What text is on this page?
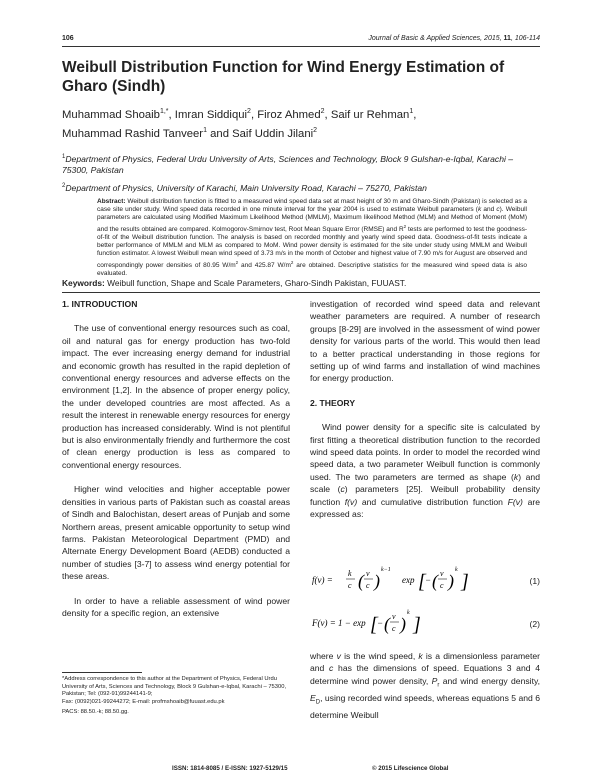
106	Journal of Basic & Applied Sciences, 2015, 11, 106-114
Weibull Distribution Function for Wind Energy Estimation of Gharo (Sindh)
Muhammad Shoaib$^{1,*}$, Imran Siddiqui$^2$, Firoz Ahmed$^2$, Saif ur Rehman$^1$,
Muhammad Rashid Tanveer$^1$ and Saif Uddin Jilani$^2$
$^1$Department of Physics, Federal Urdu University of Arts, Sciences and Technology, Block 9 Gulshan-e-Iqbal, Karachi – 75300, Pakistan
$^2$Department of Physics, University of Karachi, Main University Road, Karachi – 75270, Pakistan
Abstract: Weibull distribution function is fitted to a measured wind speed data set at mast height of 30 m and Gharo-Sindh (Pakistan) is selected as a case site under study. Wind speed data recorded in one minute interval for the year 2004 is used to estimate Weibull parameters (k and c). Weibull parameters are calculated using Modified Maximum Likelihood Method (MMLM), Maximum likelihood Method (MLM) and Method of Moment (MoM) and the results obtained are compared. Kolmogorov-Smirnov test, Root Mean Square Error (RMSE) and $R^2$ tests are performed to test the goodness-of-fit of the Weibull distribution function. The analysis is based on recorded monthly and yearly wind speed data. Goodness-of-fit tests indicate a better performance of MMLM and MLM as compared to MoM. Wind power density is estimated for the site under study using MMLM and Weibull function estimator. A lowest Weibull mean wind speed of 3.73 m/s in the month of October and highest value of 7.90 m/s for August are observed and correspondingly power densities of 80.95 $W/m^2$ and 425.87 $W/m^2$ are obtained. Descriptive statistics for the measured wind speed data is also evaluated.
Keywords: Weibull function, Shape and Scale Parameters, Gharo-Sindh Pakistan, FUUAST.
1. INTRODUCTION

The use of conventional energy resources such as coal, oil and natural gas for energy production has two-fold impact. The ever increasing energy demand for industrial and economic growth has resulted in the rapid depletion of conventional energy resources and adverse effects on the environment [1,2]. In the absence of proper energy policy, the under developed countries are most affected. As a result the interest in renewable energy resources for energy production has increased considerably. Wind is not plentiful but is also environmentally friendly and furthermore the cost of clean energy production is less as compared to conventional energy resources.

Higher wind velocities and higher acceptable power densities in various parts of Pakistan such as coastal areas of Sindh and Balochistan, desert areas of Punjab and some Northern areas, present amicable opportunity to setup wind farms. Pakistan Meteorological Department (PMD) and Alternate Energy Development Board (AEDB) conducted a number of studies [3-7] to assess wind energy potential for these areas.

In order to have a reliable assessment of wind power density for a specific region, an extensive

*Address correspondence to this author at the Department of Physics, Federal Urdu University of Arts, Sciences and Technology, Block 9 Gulshan-e-Iqbal, Karachi – 75300, Pakistan; Tel: (092-91)99244141-9;
Fax: (0092)021-99244272; E-mail: profmshoaib@fuuast.edu.pk
PACS: 88.50.-k; 88.50.gg.

investigation of recorded wind speed data and relevant weather parameters are required. A number of research groups [8-29] are involved in the assessment of wind power density for various parts of the world. This would then lead to a better practical understanding in those regions for setting up of wind farms and installation of wind machines for energy production.

2. THEORY

Wind power density for a specific site is calculated by first fitting a theoretical distribution function to the recorded wind speed data points. In order to model the recorded wind speed data, a two parameter Weibull function is commonly used. The two parameters are termed as shape (k) and scale (c) parameters [25]. Weibull probability density function f(v) and cumulative distribution function F(v) are expressed as:

f(v) =
k
c ( v
c )
k−1
exp [ − ( v
c )
k
]	(1)
F(v) = 1 − exp [ − ( v
c )
k
]	(2)

where v is the wind speed, k is a dimensionless parameter and c has the dimensions of speed. Equations 3 and 4 determine wind power density, $P_r$ and wind energy density, $E_D$, using recorded wind speeds, whereas equations 5 and 6 determine Weibull

ISSN: 1814-8085 / E-ISSN: 1927-5129/15	© 2015 Lifescience Global
